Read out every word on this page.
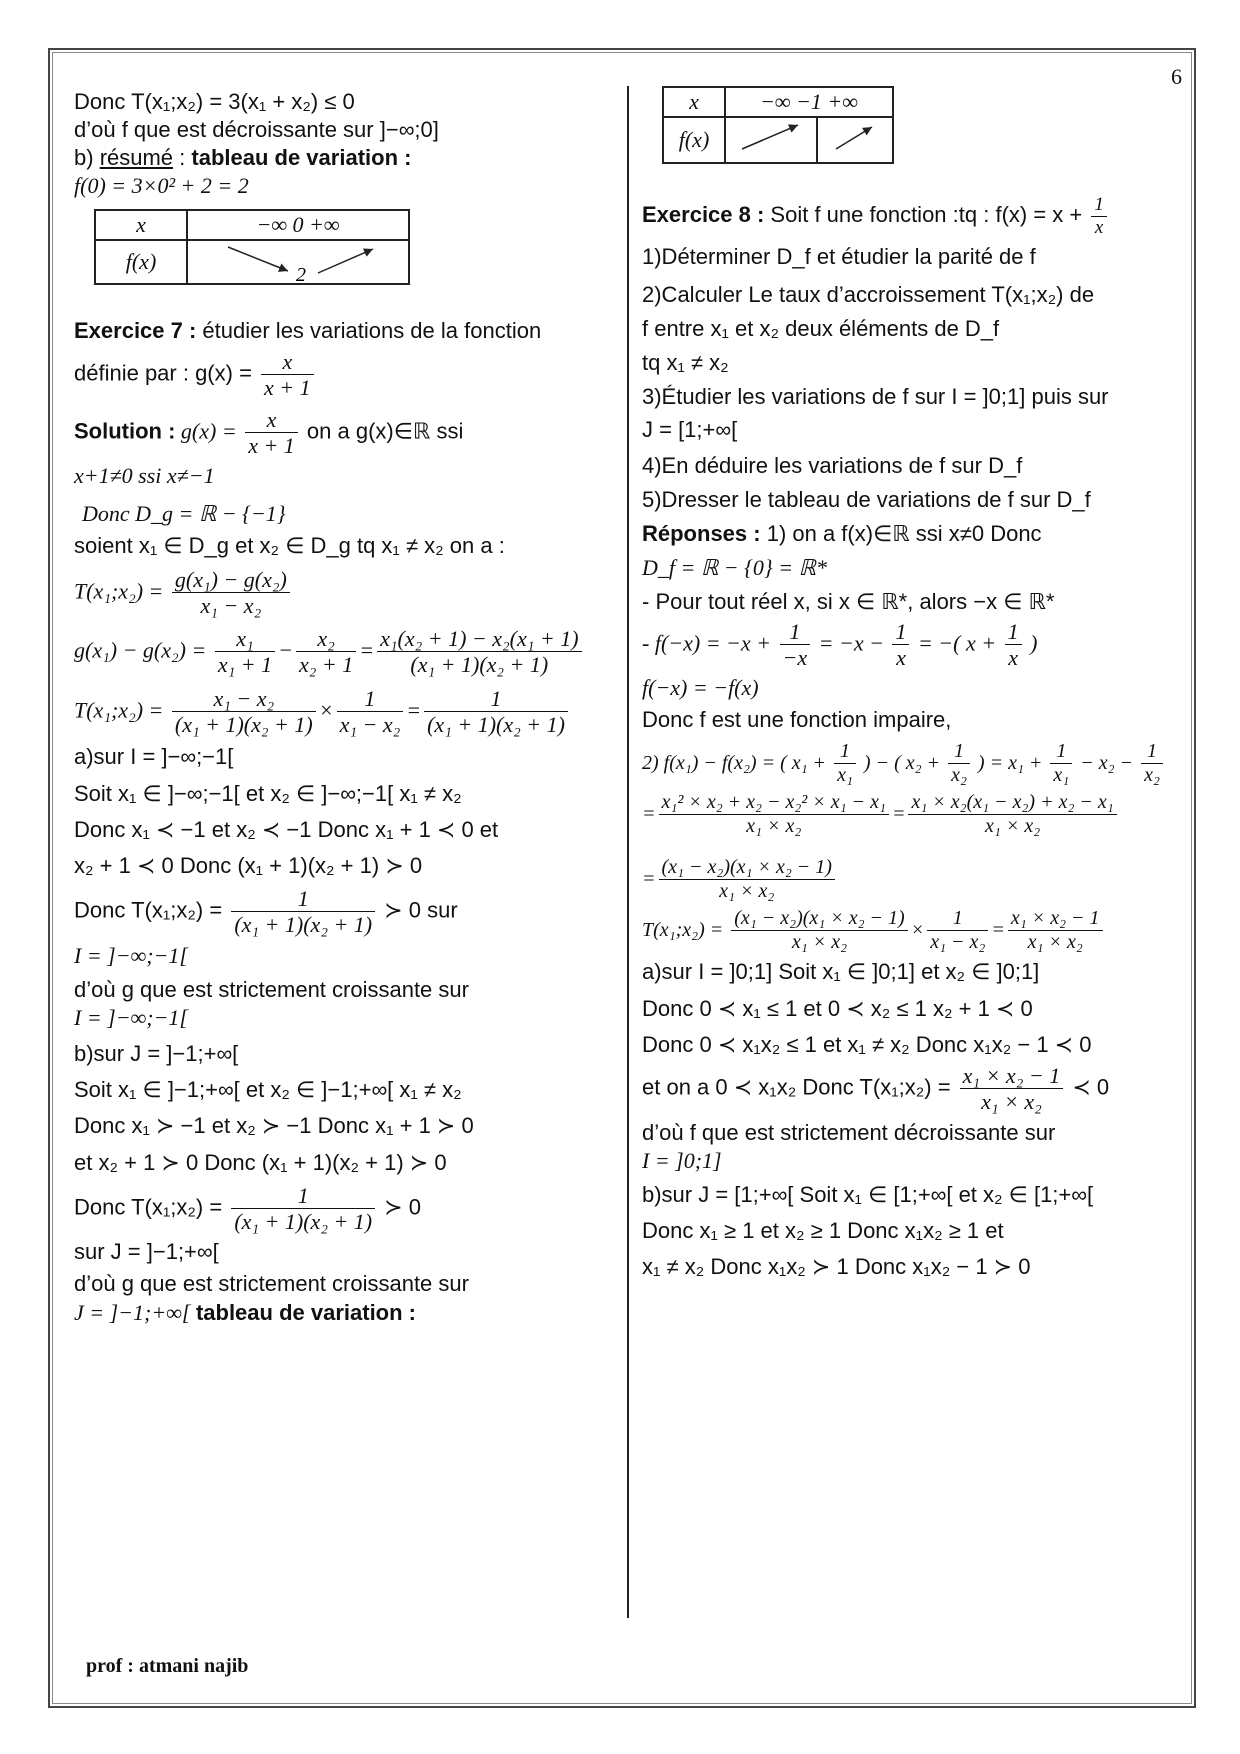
6

Donc T(x₁;x₂) = 3(x₁ + x₂) ≤ 0

d’où f que est décroissante sur ]−∞;0]

b) résumé : tableau de variation :

f(0) = 3×0² + 2 = 2

x	−∞ 0 +∞
f(x)	2

Exercice 7 : étudier les variations de la fonction

définie par : $g(x) = \frac{x}{x + 1}$

Solution : $g(x) = \frac{x}{x + 1}$ on a g(x)∈ℝ ssi

x+1≠0 ssi x≠−1

Donc D_g = ℝ − {−1}

soient x₁ ∈ D_g et x₂ ∈ D_g tq x₁ ≠ x₂ on a :

T(x₁;x₂) = $\frac{\text{g(x₁) − g(x₂)}}{\text{x₁ − x₂}}$

$g(x_1) - g(x_2) = \frac{\text{x₁}}{\text{x₁ + 1}} - \frac{\text{x₂}}{\text{x₂ + 1}} = \frac{\text{x₁(x₂ + 1) − x₂(x₁ + 1)}}{\text{(x₁ + 1)(x₂ + 1)}}$

T(x₁;x₂) = $\frac{\text{x₁ − x₂}}{\text{(x₁ + 1)(x₂ + 1)}} \times \frac{1}{\text{x₁ − x₂}} = \frac{1}{\text{(x₁ + 1)(x₂ + 1)}}$

a)sur I = ]−∞;−1[

Soit x₁ ∈ ]−∞;−1[ et x₂ ∈ ]−∞;−1[ x₁ ≠ x₂

Donc x₁ ≺ −1 et x₂ ≺ −1 Donc x₁ + 1 ≺ 0 et

x₂ + 1 ≺ 0 Donc (x₁ + 1)(x₂ + 1) ≻ 0

Donc T(x₁;x₂) = $\frac{1}{\text{(x₁ + 1)(x₂ + 1)}}$ ≻ 0 sur

I = ]−∞;−1[

d’où g que est strictement croissante sur

I = ]−∞;−1[

b)sur J = ]−1;+∞[

Soit x₁ ∈ ]−1;+∞[ et x₂ ∈ ]−1;+∞[ x₁ ≠ x₂

Donc x₁ ≻ −1 et x₂ ≻ −1 Donc x₁ + 1 ≻ 0

et x₂ + 1 ≻ 0 Donc (x₁ + 1)(x₂ + 1) ≻ 0

Donc T(x₁;x₂) = $\frac{1}{\text{(x₁ + 1)(x₂ + 1)}}$ ≻ 0

sur J = ]−1;+∞[

d’où g que est strictement croissante sur

J = ]−1;+∞[ tableau de variation :

x	−∞ −1 +∞	
f(x)		

Exercice 8 : Soit f une fonction :tq : $f(x) = x + \frac{1}{x}$

1)Déterminer D_f et étudier la parité de f

2)Calculer Le taux d’accroissement T(x₁;x₂) de

f entre x₁ et x₂ deux éléments de D_f

tq x₁ ≠ x₂

3)Étudier les variations de f sur I = ]0;1] puis sur

J = [1;+∞[

4)En déduire les variations de f sur D_f

5)Dresser le tableau de variations de f sur D_f

Réponses : 1) on a f(x)∈ℝ ssi x≠0 Donc

D_f = ℝ − {0} = ℝ*

- Pour tout réel x, si x ∈ ℝ*, alors −x ∈ ℝ*

- $f(-x) = -x + \frac{1}{-x} = -x - \frac{1}{x}$ = −( $x + \frac{1}{x}$ )

f(−x) = −f(x)

Donc f est une fonction impaire,

2) f(x₁) − f(x₂) = ( $x_1 + \frac{1}{\text{x₁}}$ ) − ( $x_2 + \frac{1}{\text{x₂}}$ ) = $x_1 + \frac{1}{\text{x₁}} - x_2 - \frac{1}{\text{x₂}}$

= $\frac{\text{x₁² × x₂ + x₂ − x₂² × x₁ − x₁}}{\text{x₁ × x₂}} = \frac{\text{x₁ × x₂(x₁ − x₂) + x₂ − x₁}}{\text{x₁ × x₂}}$

= $\frac{\text{(x₁ − x₂)(x₁ × x₂ − 1)}}{\text{x₁ × x₂}}$

T(x₁;x₂) = $\frac{\text{(x₁ − x₂)(x₁ × x₂ − 1)}}{\text{x₁ × x₂}} \times \frac{1}{\text{x₁ − x₂}} = \frac{\text{x₁ × x₂ − 1}}{\text{x₁ × x₂}}$

a)sur I = ]0;1] Soit x₁ ∈ ]0;1] et x₂ ∈ ]0;1]

Donc 0 ≺ x₁ ≤ 1 et 0 ≺ x₂ ≤ 1 x₂ + 1 ≺ 0

Donc 0 ≺ x₁x₂ ≤ 1 et x₁ ≠ x₂ Donc x₁x₂ − 1 ≺ 0

et on a 0 ≺ x₁x₂ Donc T(x₁;x₂) = $\frac{\text{x₁ × x₂ − 1}}{\text{x₁ × x₂}}$ ≺ 0

d’où f que est strictement décroissante sur

I = ]0;1]

b)sur J = [1;+∞[ Soit x₁ ∈ [1;+∞[ et x₂ ∈ [1;+∞[

Donc x₁ ≥ 1 et x₂ ≥ 1 Donc x₁x₂ ≥ 1 et

x₁ ≠ x₂ Donc x₁x₂ ≻ 1 Donc x₁x₂ − 1 ≻ 0

prof : atmani najib
